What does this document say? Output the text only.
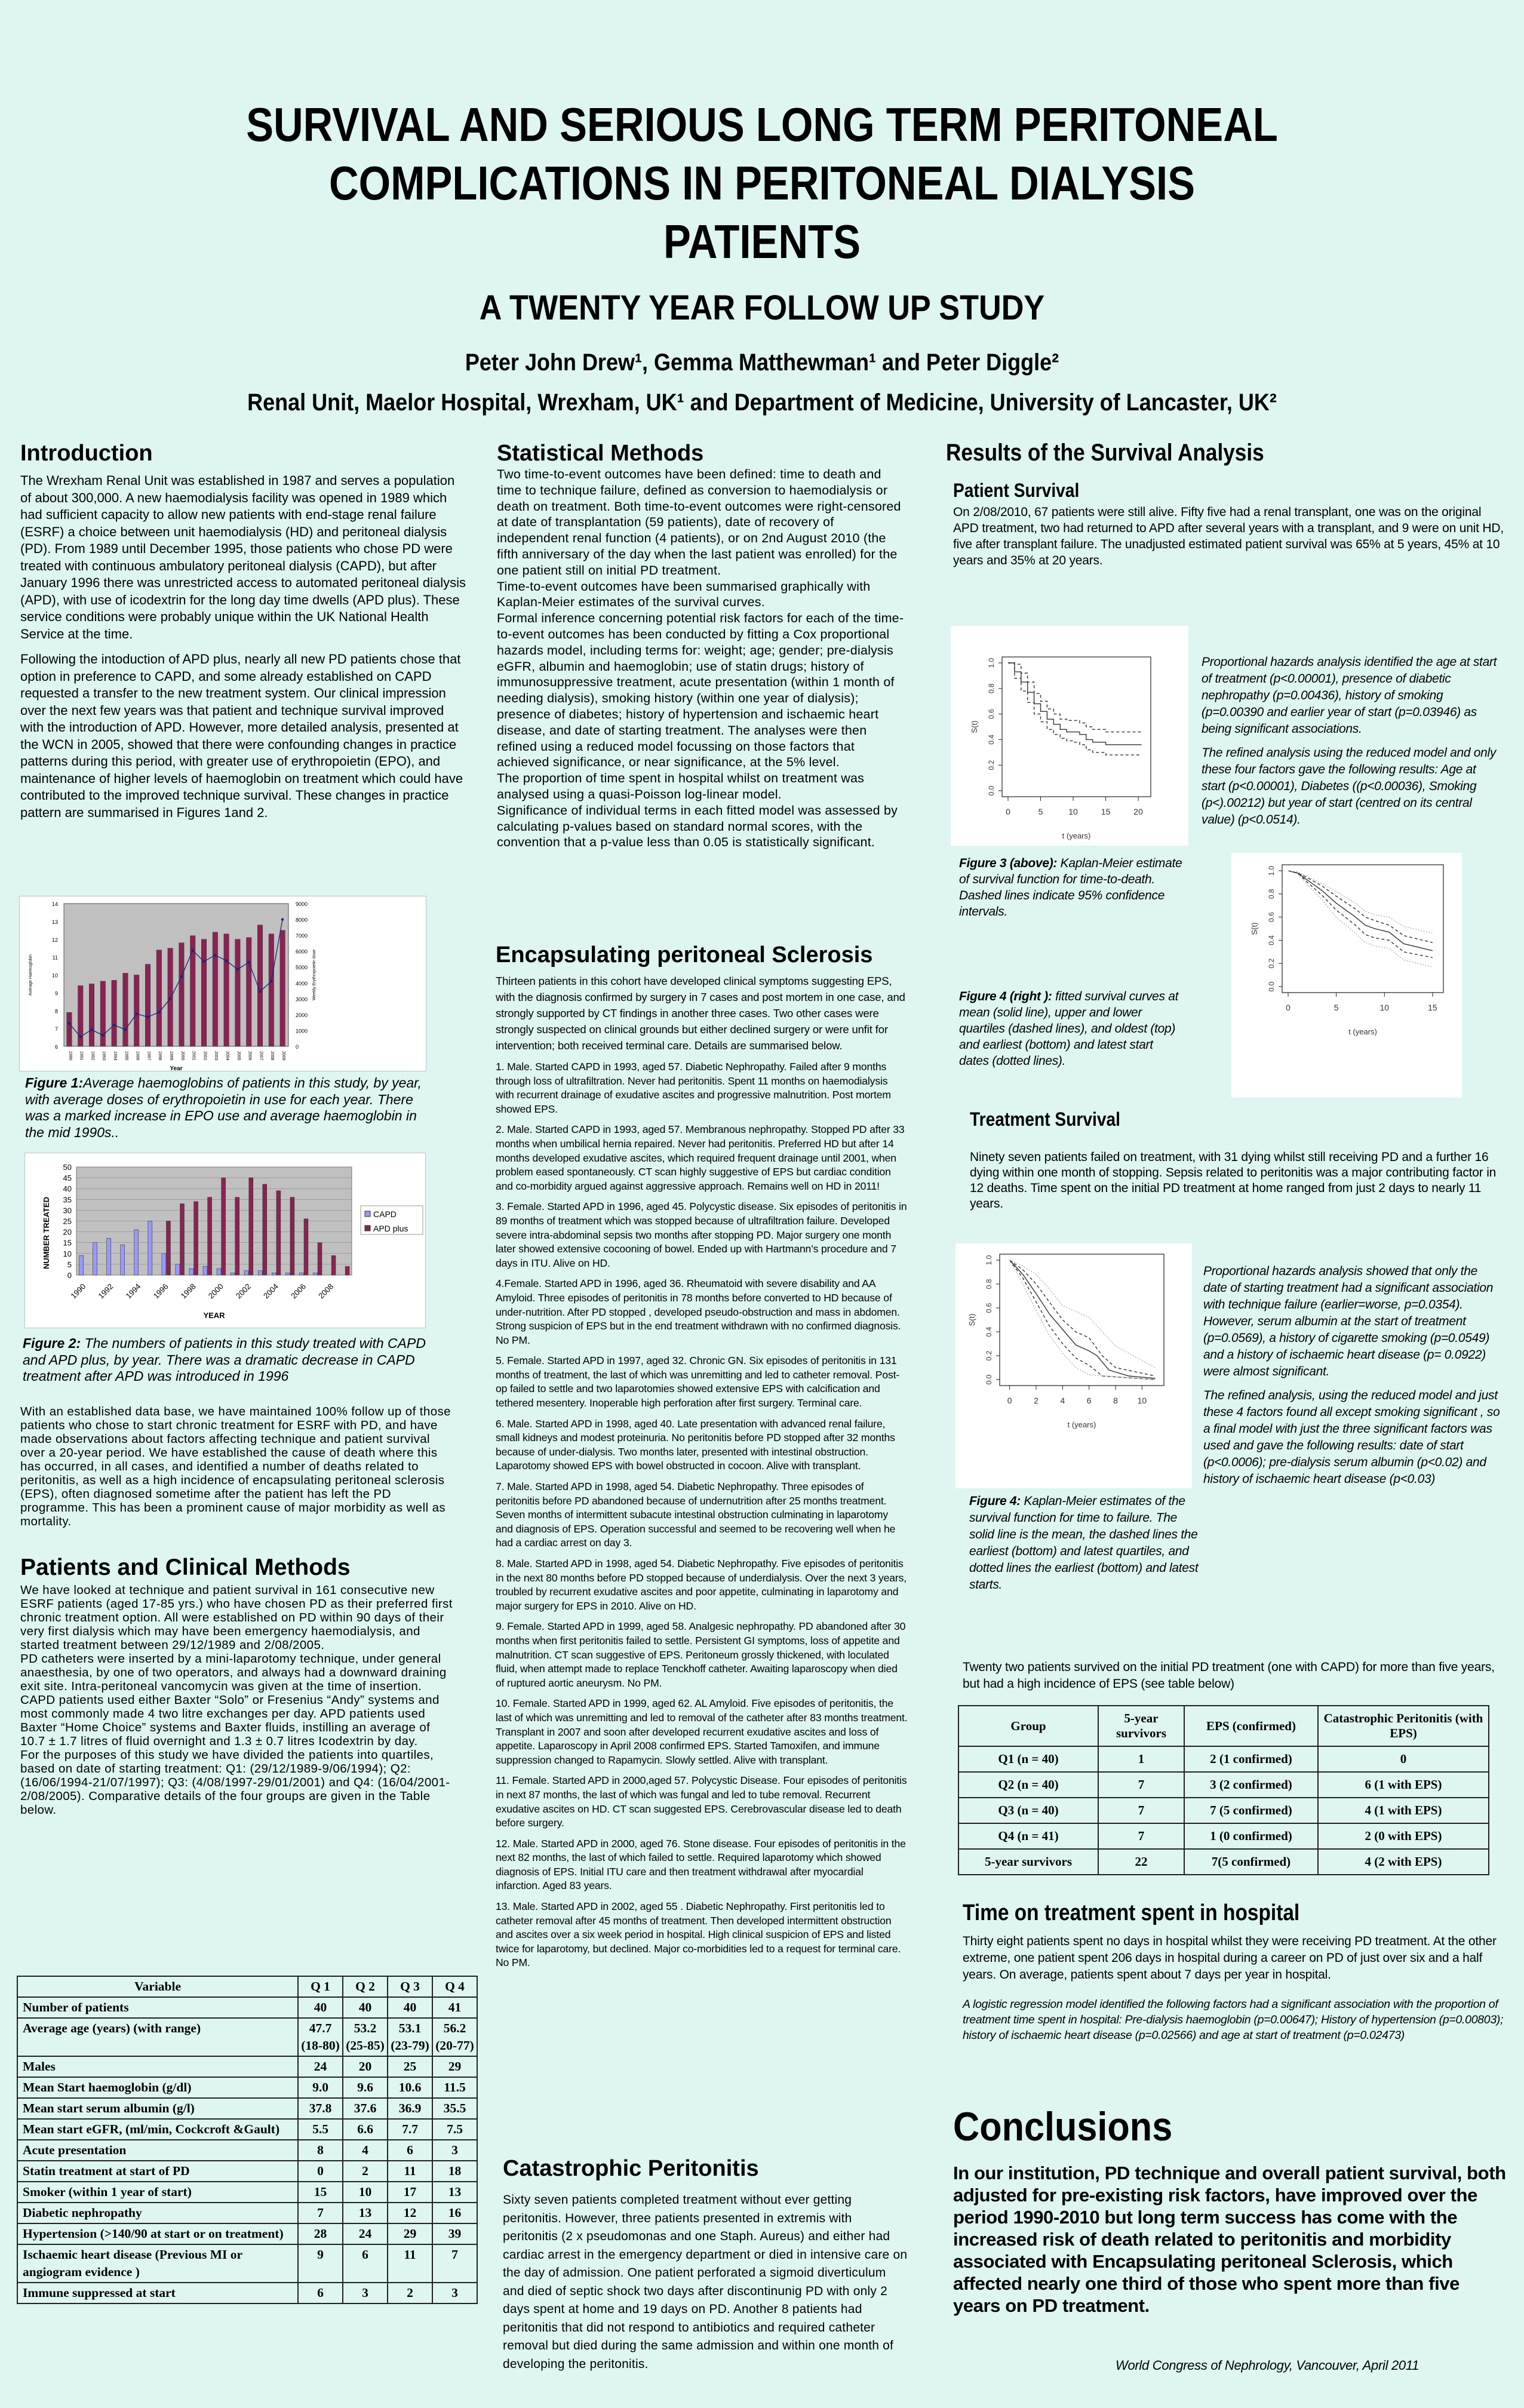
SURVIVAL AND SERIOUS LONG TERM PERITONEAL COMPLICATIONS IN PERITONEAL DIALYSIS PATIENTS
A TWENTY YEAR FOLLOW UP STUDY
Peter John Drew¹, Gemma Matthewman¹ and Peter Diggle²
Renal Unit, Maelor Hospital, Wrexham, UK¹ and Department of Medicine, University of Lancaster, UK²
Introduction

The Wrexham Renal Unit was established in 1987 and serves a population of about 300,000. A new haemodialysis facility was opened in 1989 which had sufficient capacity to allow new patients with end-stage renal failure (ESRF) a choice between unit haemodialysis (HD) and peritoneal dialysis (PD). From 1989 until December 1995, those patients who chose PD were treated with continuous ambulatory peritoneal dialysis (CAPD), but after January 1996 there was unrestricted access to automated peritoneal dialysis (APD), with use of icodextrin for the long day time dwells (APD plus). These service conditions were probably unique within the UK National Health Service at the time.

Following the intoduction of APD plus, nearly all new PD patients chose that option in preference to CAPD, and some already established on CAPD requested a transfer to the new treatment system. Our clinical impression over the next few years was that patient and technique survival improved with the introduction of APD. However, more detailed analysis, presented at the WCN in 2005, showed that there were confounding changes in practice patterns during this period, with greater use of erythropoietin (EPO), and maintenance of higher levels of haemoglobin on treatment which could have contributed to the improved technique survival. These changes in practice pattern are summarised in Figures 1and 2.

6
7
8
9
10
11
12
13
14
0
1000
2000
3000
4000
5000
6000
7000
8000
9000
1990 1991 1992 1993 1994 1995 1996 1997 1998 1999 2000 2001 2002 2003 2004 2005 2006 2007 2008 2009
Year
Average Haemoglobin	Weekly Erythropoietin dose
Figure 1:Average haemoglobins of patients in this study, by year, with average doses of erythropoietin in use for each year. There was a marked increase in EPO use and average haemoglobin in the mid 1990s..
0
5
10
15
20
25
30
35
40
45
50
1990 1992 1994 1996 1998 2000 2002 2004 2006 2008
YEAR
NUMBER TREATED	CAPD
APD plus
Figure 2: The numbers of patients in this study treated with CAPD and APD plus, by year. There was a dramatic decrease in CAPD treatment after APD was introduced in 1996

With an established data base, we have maintained 100% follow up of those patients who chose to start chronic treatment for ESRF with PD, and have made observations about factors affecting technique and patient survival over a 20-year period. We have established the cause of death where this has occurred, in all cases, and identified a number of deaths related to peritonitis, as well as a high incidence of encapsulating peritoneal sclerosis (EPS), often diagnosed sometime after the patient has left the PD programme. This has been a prominent cause of major morbidity as well as mortality.

Patients and Clinical Methods

We have looked at technique and patient survival in 161 consecutive new ESRF patients (aged 17-85 yrs.) who have chosen PD as their preferred first chronic treatment option. All were established on PD within 90 days of their very first dialysis which may have been emergency haemodialysis, and started treatment between 29/12/1989 and 2/08/2005.

PD catheters were inserted by a mini-laparotomy technique, under general anaesthesia, by one of two operators, and always had a downward draining exit site. Intra-peritoneal vancomycin was given at the time of insertion. CAPD patients used either Baxter “Solo” or Fresenius “Andy” systems and most commonly made 4 two litre exchanges per day. APD patients used Baxter “Home Choice” systems and Baxter fluids, instilling an average of 10.7 ± 1.7 litres of fluid overnight and 1.3 ± 0.7 litres Icodextrin by day.

For the purposes of this study we have divided the patients into quartiles, based on date of starting treatment: Q1: (29/12/1989-9/06/1994); Q2: (16/06/1994-21/07/1997); Q3: (4/08/1997-29/01/2001) and Q4: (16/04/2001-2/08/2005). Comparative details of the four groups are given in the Table below.

Variable	Q 1	Q 2	Q 3	Q 4
Number of patients	40	40	40	41
Average age (years) (with range)	47.7 (18-80)	53.2 (25-85)	53.1 (23-79)	56.2 (20-77)
Males	24	20	25	29
Mean Start haemoglobin (g/dl)	9.0	9.6	10.6	11.5
Mean start serum albumin (g/l)	37.8	37.6	36.9	35.5
Mean start eGFR, (ml/min, Cockcroft &Gault)	5.5	6.6	7.7	7.5
Acute presentation	8	4	6	3
Statin treatment at start of PD	0	2	11	18
Smoker (within 1 year of start)	15	10	17	13
Diabetic nephropathy	7	13	12	16
Hypertension (>140/90 at start or on treatment)	28	24	29	39
Ischaemic heart disease (Previous MI or angiogram evidence )	9	6	11	7
Immune suppressed at start	6	3	2	3
Statistical Methods

Two time-to-event outcomes have been defined: time to death and time to technique failure, defined as conversion to haemodialysis or death on treatment. Both time-to-event outcomes were right-censored at date of transplantation (59 patients), date of recovery of independent renal function (4 patients), or on 2nd August 2010 (the fifth anniversary of the day when the last patient was enrolled) for the one patient still on initial PD treatment.

Time-to-event outcomes have been summarised graphically with Kaplan-Meier estimates of the survival curves.

Formal inference concerning potential risk factors for each of the time-to-event outcomes has been conducted by fitting a Cox proportional hazards model, including terms for: weight; age; gender; pre-dialysis eGFR, albumin and haemoglobin; use of statin drugs; history of immunosuppressive treatment, acute presentation (within 1 month of needing dialysis), smoking history (within one year of dialysis); presence of diabetes; history of hypertension and ischaemic heart disease, and date of starting treatment. The analyses were then refined using a reduced model focussing on those factors that achieved significance, or near significance, at the 5% level.

The proportion of time spent in hospital whilst on treatment was analysed using a quasi-Poisson log-linear model.

Significance of individual terms in each fitted model was assessed by calculating p-values based on standard normal scores, with the convention that a p-value less than 0.05 is statistically significant.

Encapsulating peritoneal Sclerosis

Thirteen patients in this cohort have developed clinical symptoms suggesting EPS, with the diagnosis confirmed by surgery in 7 cases and post mortem in one case, and strongly supported by CT findings in another three cases. Two other cases were strongly suspected on clinical grounds but either declined surgery or were unfit for intervention; both received terminal care. Details are summarised below.

1. Male. Started CAPD in 1993, aged 57. Diabetic Nephropathy. Failed after 9 months through loss of ultrafiltration. Never had peritonitis. Spent 11 months on haemodialysis with recurrent drainage of exudative ascites and progressive malnutrition. Post mortem showed EPS.

2. Male. Started CAPD in 1993, aged 57. Membranous nephropathy. Stopped PD after 33 months when umbilical hernia repaired. Never had peritonitis. Preferred HD but after 14 months developed exudative ascites, which required frequent drainage until 2001, when problem eased spontaneously. CT scan highly suggestive of EPS but cardiac condition and co-morbidity argued against aggressive approach. Remains well on HD in 2011!

3. Female. Started APD in 1996, aged 45. Polycystic disease. Six episodes of peritonitis in 89 months of treatment which was stopped because of ultrafiltration failure. Developed severe intra-abdominal sepsis two months after stopping PD. Major surgery one month later showed extensive cocooning of bowel. Ended up with Hartmann’s procedure and 7 days in ITU. Alive on HD.

4.Female. Started APD in 1996, aged 36. Rheumatoid with severe disability and AA Amyloid. Three episodes of peritonitis in 78 months before converted to HD because of under-nutrition. After PD stopped , developed pseudo-obstruction and mass in abdomen. Strong suspicion of EPS but in the end treatment withdrawn with no confirmed diagnosis. No PM.

5. Female. Started APD in 1997, aged 32. Chronic GN. Six episodes of peritonitis in 131 months of treatment, the last of which was unremitting and led to catheter removal. Post-op failed to settle and two laparotomies showed extensive EPS with calcification and tethered mesentery. Inoperable high perforation after first surgery. Terminal care.

6. Male. Started APD in 1998, aged 40. Late presentation with advanced renal failure, small kidneys and modest proteinuria. No peritonitis before PD stopped after 32 months because of under-dialysis. Two months later, presented with intestinal obstruction. Laparotomy showed EPS with bowel obstructed in cocoon. Alive with transplant.

7. Male. Started APD in 1998, aged 54. Diabetic Nephropathy. Three episodes of peritonitis before PD abandoned because of undernutrition after 25 months treatment. Seven months of intermittent subacute intestinal obstruction culminating in laparotomy and diagnosis of EPS. Operation successful and seemed to be recovering well when he had a cardiac arrest on day 3.

8. Male. Started APD in 1998, aged 54. Diabetic Nephropathy. Five episodes of peritonitis in the next 80 months before PD stopped because of underdialysis. Over the next 3 years, troubled by recurrent exudative ascites and poor appetite, culminating in laparotomy and major surgery for EPS in 2010. Alive on HD.

9. Female. Started APD in 1999, aged 58. Analgesic nephropathy. PD abandoned after 30 months when first peritonitis failed to settle. Persistent GI symptoms, loss of appetite and malnutrition. CT scan suggestive of EPS. Peritoneum grossly thickened, with loculated fluid, when attempt made to replace Tenckhoff catheter. Awaiting laparoscopy when died of ruptured aortic aneurysm. No PM.

10. Female. Started APD in 1999, aged 62. AL Amyloid. Five episodes of peritonitis, the last of which was unremitting and led to removal of the catheter after 83 months treatment. Transplant in 2007 and soon after developed recurrent exudative ascites and loss of appetite. Laparoscopy in April 2008 confirmed EPS. Started Tamoxifen, and immune suppression changed to Rapamycin. Slowly settled. Alive with transplant.

11. Female. Started APD in 2000,aged 57. Polycystic Disease. Four episodes of peritonitis in next 87 months, the last of which was fungal and led to tube removal. Recurrent exudative ascites on HD. CT scan suggested EPS. Cerebrovascular disease led to death before surgery.

12. Male. Started APD in 2000, aged 76. Stone disease. Four episodes of peritonitis in the next 82 months, the last of which failed to settle. Required laparotomy which showed diagnosis of EPS. Initial ITU care and then treatment withdrawal after myocardial infarction. Aged 83 years.

13. Male. Started APD in 2002, aged 55 . Diabetic Nephropathy. First peritonitis led to catheter removal after 45 months of treatment. Then developed intermittent obstruction and ascites over a six week period in hospital. High clinical suspicion of EPS and listed twice for laparotomy, but declined. Major co-morbidities led to a request for terminal care. No PM.

Catastrophic Peritonitis

Sixty seven patients completed treatment without ever getting peritonitis. However, three patients presented in extremis with peritonitis (2 x pseudomonas and one Staph. Aureus) and either had cardiac arrest in the emergency department or died in intensive care on the day of admission. One patient perforated a sigmoid diverticulum and died of septic shock two days after discontinunig PD with only 2 days spent at home and 19 days on PD. Another 8 patients had peritonitis that did not respond to antibiotics and required catheter removal but died during the same admission and within one month of developing the peritonitis.

Results of the Survival Analysis
Patient Survival

On 2/08/2010, 67 patients were still alive. Fifty five had a renal transplant, one was on the original APD treatment, two had returned to APD after several years with a transplant, and 9 were on unit HD, five after transplant failure. The unadjusted estimated patient survival was 65% at 5 years, 45% at 10 years and 35% at 20 years.

0.0
0.2
0.4
0.6
0.8
1.0
0	5	10	15	20
t (years)
S(t)

Proportional hazards analysis identified the age at start of treatment (p<0.00001), presence of diabetic nephropathy (p=0.00436), history of smoking (p=0.00390 and earlier year of start (p=0.03946) as being significant associations.

The refined analysis using the reduced model and only these four factors gave the following results: Age at start (p<0.00001), Diabetes ((p<0.00036), Smoking (p<).00212) but year of start (centred on its central value) (p<0.0514).

Figure 3 (above): Kaplan-Meier estimate of survival function for time-to-death. Dashed lines indicate 95% confidence intervals.
Figure 4 (right ): fitted survival curves at mean (solid line), upper and lower quartiles (dashed lines), and oldest (top) and earliest (bottom) and latest start dates (dotted lines).
0.0
0.2
0.4
0.6
0.8
1.0
0	5	10	15
t (years)
S(t)
Treatment Survival

Ninety seven patients failed on treatment, with 31 dying whilst still receiving PD and a further 16 dying within one month of stopping. Sepsis related to peritonitis was a major contributing factor in 12 deaths. Time spent on the initial PD treatment at home ranged from just 2 days to nearly 11 years.

0.0
0.2
0.4
0.6
0.8
1.0
0	2	4	6	8 10
t (years)
S(t)
Figure 4: Kaplan-Meier estimates of the survival function for time to failure. The solid line is the mean, the dashed lines the earliest (bottom) and latest quartiles, and dotted lines the earliest (bottom) and latest starts.

Proportional hazards analysis showed that only the date of starting treatment had a significant association with technique failure (earlier=worse, p=0.0354). However, serum albumin at the start of treatment (p=0.0569), a history of cigarette smoking (p=0.0549) and a history of ischaemic heart disease (p= 0.0922) were almost significant.

The refined analysis, using the reduced model and just these 4 factors found all except smoking significant , so a final model with just the three significant factors was used and gave the following results: date of start (p<0.0006); pre-dialysis serum albumin (p<0.02) and history of ischaemic heart disease (p<0.03)

Twenty two patients survived on the initial PD treatment (one with CAPD) for more than five years, but had a high incidence of EPS (see table below)

Group	5-year survivors	EPS (confirmed)	Catastrophic Peritonitis (with EPS)
Q1 (n = 40)	1	2 (1 confirmed)	0
Q2 (n = 40)	7	3 (2 confirmed)	6 (1 with EPS)
Q3 (n = 40)	7	7 (5 confirmed)	4 (1 with EPS)
Q4 (n = 41)	7	1 (0 confirmed)	2 (0 with EPS)
5-year survivors	22	7(5 confirmed)	4 (2 with EPS)
Time on treatment spent in hospital

Thirty eight patients spent no days in hospital whilst they were receiving PD treatment. At the other extreme, one patient spent 206 days in hospital during a career on PD of just over six and a half years. On average, patients spent about 7 days per year in hospital.

A logistic regression model identified the following factors had a significant association with the proportion of treatment time spent in hospital: Pre-dialysis haemoglobin (p=0.00647); History of hypertension (p=0.00803); history of ischaemic heart disease (p=0.02566) and age at start of treatment (p=0.02473)

Conclusions

In our institution, PD technique and overall patient survival, both adjusted for pre-existing risk factors, have improved over the period 1990-2010 but long term success has come with the increased risk of death related to peritonitis and morbidity associated with Encapsulating peritoneal Sclerosis, which affected nearly one third of those who spent more than five years on PD treatment.

World Congress of Nephrology, Vancouver, April 2011
